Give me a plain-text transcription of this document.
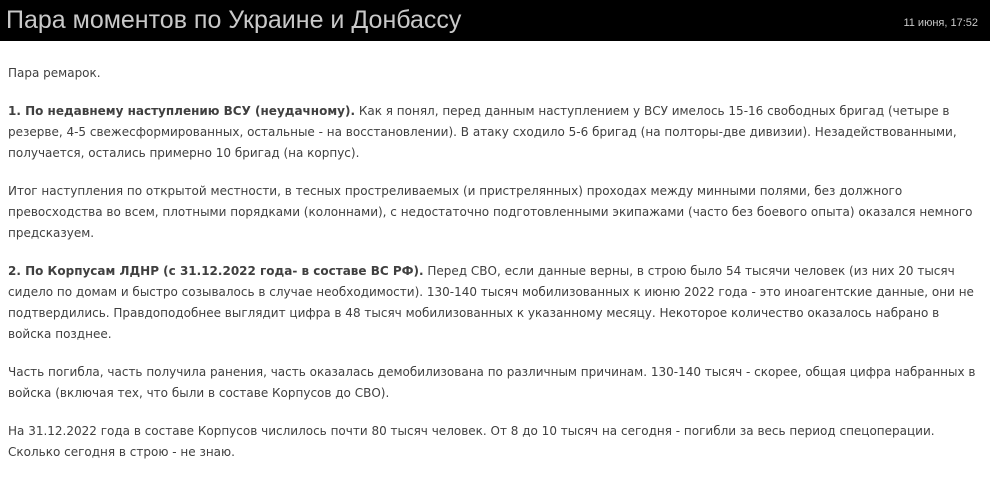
Пара моментов по Украине и Донбассу	11 июня, 17:52

Пара ремарок.

1. По недавнему наступлению ВСУ (неудачному). Как я понял, перед данным наступлением у ВСУ имелось 15-16 свободных бригад (четыре в резерве, 4-5 свежесформированных, остальные - на восстановлении). В атаку сходило 5-6 бригад (на полторы-две дивизии). Незадействованными, получается, остались примерно 10 бригад (на корпус).

Итог наступления по открытой местности, в тесных простреливаемых (и пристрелянных) проходах между минными полями, без должного превосходства во всем, плотными порядками (колоннами), с недостаточно подготовленными экипажами (часто без боевого опыта) оказался немного предсказуем.

2. По Корпусам ЛДНР (с 31.12.2022 года- в составе ВС РФ). Перед СВО, если данные верны, в строю было 54 тысячи человек (из них 20 тысяч сидело по домам и быстро созывалось в случае необходимости). 130-140 тысяч мобилизованных к июню 2022 года - это иноагентские данные, они не подтвердились. Правдоподобнее выглядит цифра в 48 тысяч мобилизованных к указанному месяцу. Некоторое количество оказалось набрано в войска позднее.

Часть погибла, часть получила ранения, часть оказалась демобилизована по различным причинам. 130-140 тысяч - скорее, общая цифра набранных в войска (включая тех, что были в составе Корпусов до СВО).

На 31.12.2022 года в составе Корпусов числилось почти 80 тысяч человек. От 8 до 10 тысяч на сегодня - погибли за весь период спецоперации. Сколько сегодня в строю - не знаю.
